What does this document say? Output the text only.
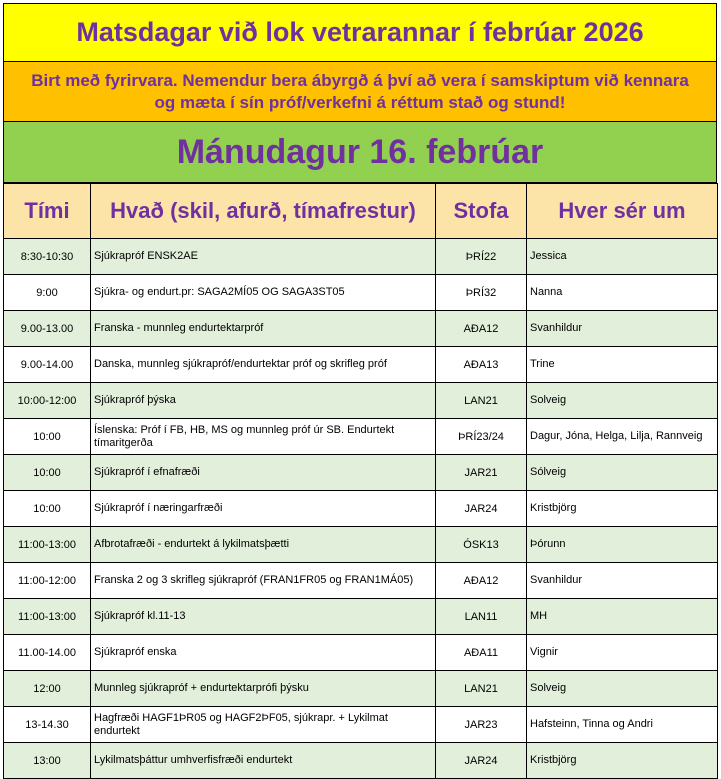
Matsdagar við lok vetrarannar í febrúar 2026
Birt með fyrirvara. Nemendur bera ábyrgð á því að vera í samskiptum við kennara
og mæta í sín próf/verkefni á réttum stað og stund!
Mánudagur 16. febrúar
Tími	Hvað (skil, afurð, tímafrestur)	Stofa	Hver sér um
8:30-10:30	Sjúkrapróf ENSK2AE	ÞRÍ22	Jessica
9:00	Sjúkra- og endurt.pr: SAGA2MÍ05 OG SAGA3ST05	ÞRÍ32	Nanna
9.00-13.00	Franska - munnleg endurtektarpróf	AÐA12	Svanhildur
9.00-14.00	Danska, munnleg sjúkrapróf/endurtektar próf og skrifleg próf	AÐA13	Trine
10:00-12:00	Sjúkrapróf þýska	LAN21	Solveig
10:00	Íslenska: Próf í FB, HB, MS og munnleg próf úr SB. Endurtekt tímaritgerða	ÞRÍ23/24	Dagur, Jóna, Helga, Lilja, Rannveig
10:00	Sjúkrapróf í efnafræði	JAR21	Sólveig
10:00	Sjúkrapróf í næringarfræði	JAR24	Kristbjörg
11:00-13:00	Afbrotafræði - endurtekt á lykilmatsþætti	ÓSK13	Þórunn
11:00-12:00	Franska 2 og 3 skrifleg sjúkrapróf (FRAN1FR05 og FRAN1MÁ05)	AÐA12	Svanhildur
11:00-13:00	Sjúkrapróf kl.11-13	LAN11	MH
11.00-14.00	Sjúkrapróf enska	AÐA11	Vignir
12:00	Munnleg sjúkrapróf + endurtektarprófi þýsku	LAN21	Solveig
13-14.30	Hagfræði HAGF1ÞR05 og HAGF2ÞF05, sjúkrapr. + Lykilmat endurtekt	JAR23	Hafsteinn, Tinna og Andri
13:00	Lykilmatsþáttur umhverfisfræði endurtekt	JAR24	Kristbjörg
